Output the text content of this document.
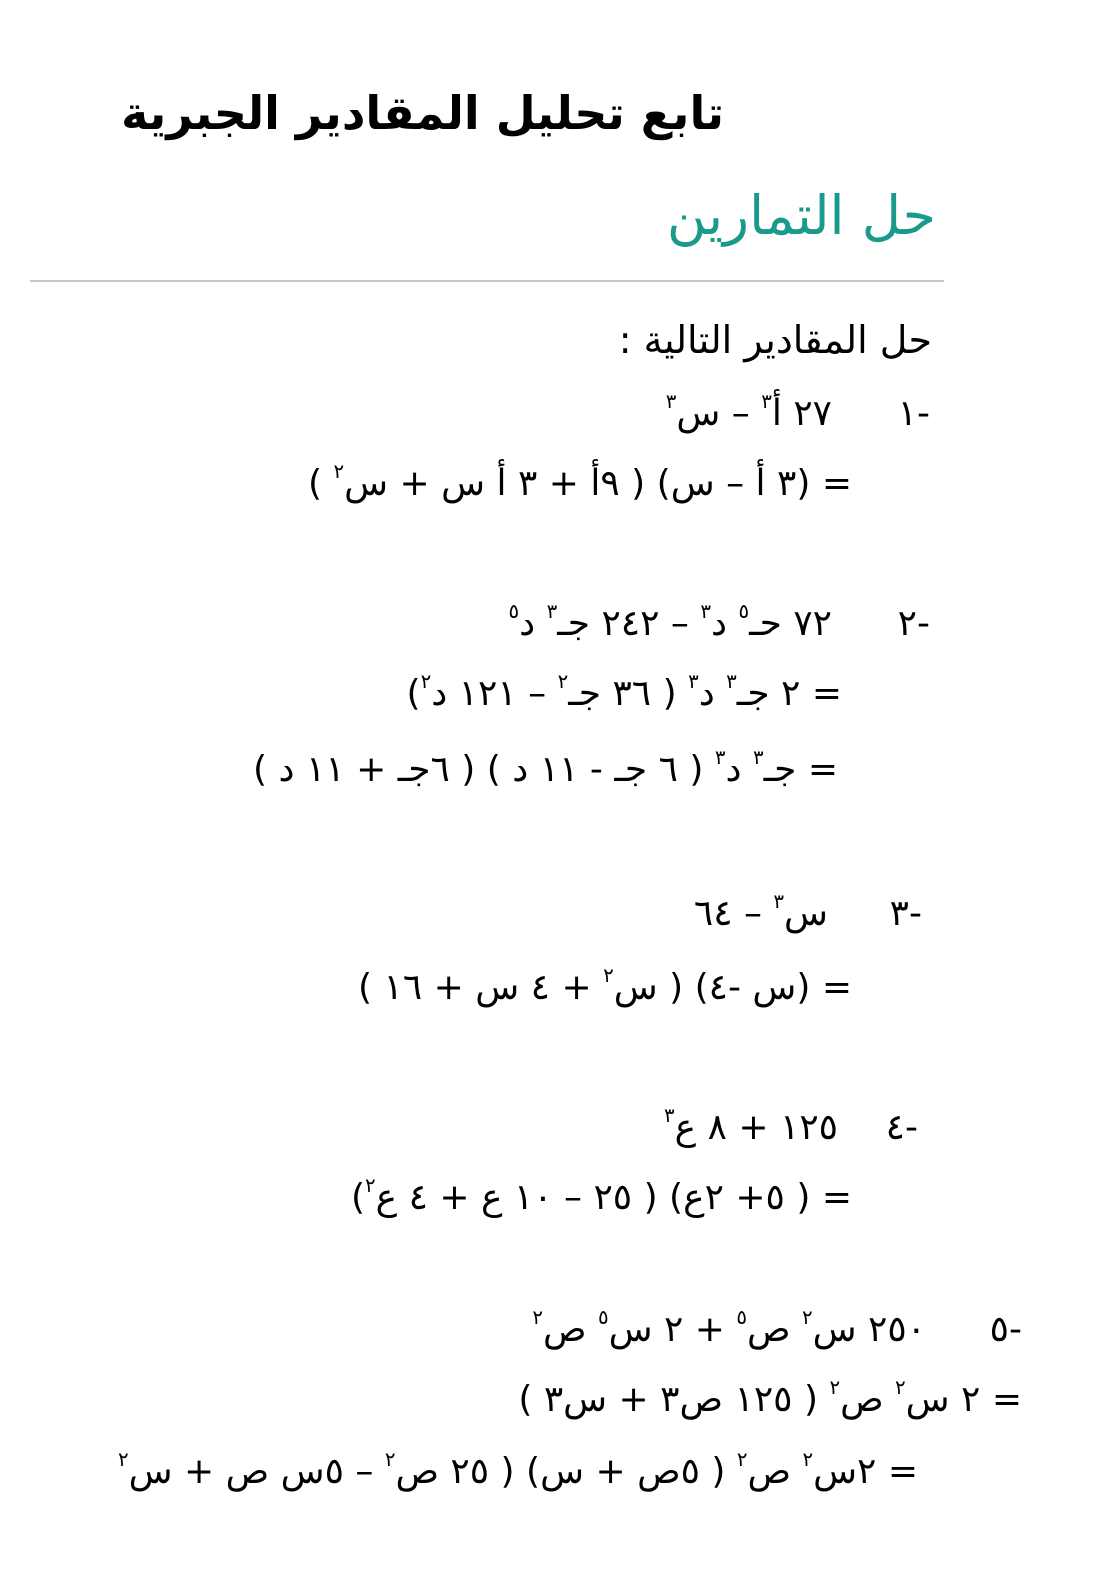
تابع تحليل المقادير الجبرية
حل التمارين
حل المقادير التالية :
١-
٢٧ أ$^٣$ – س$^٣$
= (٣ أ – س) ( ٩أ + ٣ أ س + س$^٢$ )
٢-
٧٢ حـ$^٥$ د$^٣$ – ٢٤٢ جـ$^٣$ د$^٥$
= ٢ جـ$^٣$ د$^٣$ ( ٣٦ جـ$^٢$ – ١٢١ د$^٢$)
= جـ$^٣$ د$^٣$ ( ٦ جـ - ١١ د ) ( ٦جـ + ١١ د )
٣-
س$^٣$ – ٦٤
= (س -٤) ( س$^٢$ + ٤ س + ١٦ )
٤-
١٢٥ + ٨ ع$^٣$
= ( ٥+ ٢ع) ( ٢٥ – ١٠ ع + ٤ ع$^٢$)
٥-
٢٥٠ س$^٢$ ص$^٥$ + ٢ س$^٥$ ص$^٢$
= ٢ س$^٢$ ص$^٢$ ( ١٢٥ ص٣ + س٣ )
= ٢س$^٢$ ص$^٢$ ( ٥ص + س) ( ٢٥ ص$^٢$ – ٥س ص + س$^٢$
